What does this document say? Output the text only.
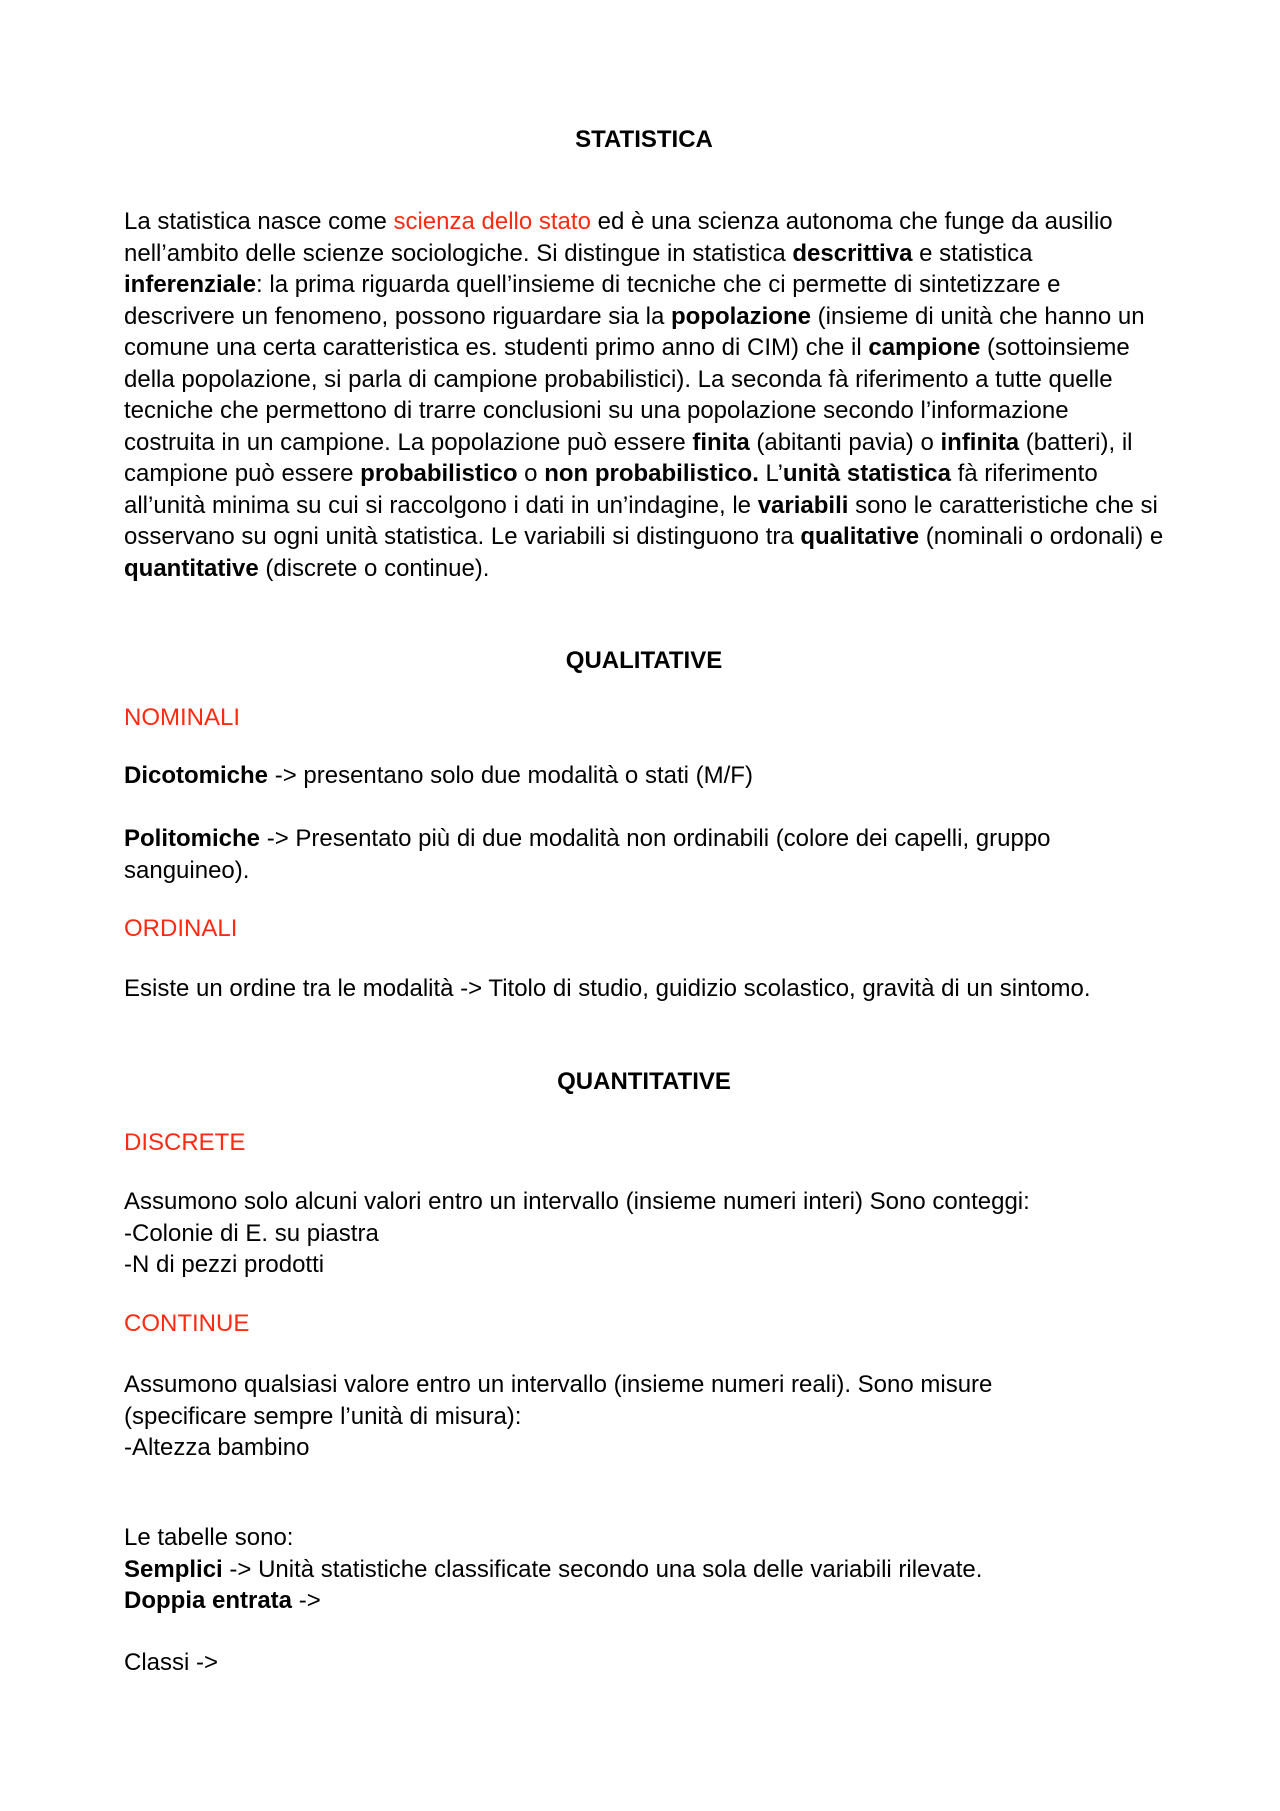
STATISTICA

La statistica nasce come scienza dello stato ed è una scienza autonoma che funge da ausilio nell’ambito delle scienze sociologiche. Si distingue in statistica descrittiva e statistica inferenziale: la prima riguarda quell’insieme di tecniche che ci permette di sintetizzare e descrivere un fenomeno, possono riguardare sia la popolazione (insieme di unità che hanno un comune una certa caratteristica es. studenti primo anno di CIM) che il campione (sottoinsieme della popolazione, si parla di campione probabilistici). La seconda fà riferimento a tutte quelle tecniche che permettono di trarre conclusioni su una popolazione secondo l’informazione costruita in un campione. La popolazione può essere finita (abitanti pavia) o infinita (batteri), il campione può essere probabilistico o non probabilistico. L’unità statistica fà riferimento all’unità minima su cui si raccolgono i dati in un’indagine, le variabili sono le caratteristiche che si osservano su ogni unità statistica. Le variabili si distinguono tra qualitative (nominali o ordonali) e quantitative (discrete o continue).

QUALITATIVE

NOMINALI

Dicotomiche -> presentano solo due modalità o stati (M/F)

Politomiche -> Presentato più di due modalità non ordinabili (colore dei capelli, gruppo sanguineo).

ORDINALI

Esiste un ordine tra le modalità -> Titolo di studio, guidizio scolastico, gravità di un sintomo.

QUANTITATIVE

DISCRETE

Assumono solo alcuni valori entro un intervallo (insieme numeri interi) Sono conteggi:

-Colonie di E. su piastra

-N di pezzi prodotti

CONTINUE

Assumono qualsiasi valore entro un intervallo (insieme numeri reali). Sono misure

(specificare sempre l’unità di misura):

-Altezza bambino

Le tabelle sono:

Semplici -> Unità statistiche classificate secondo una sola delle variabili rilevate.

Doppia entrata ->

Classi ->
